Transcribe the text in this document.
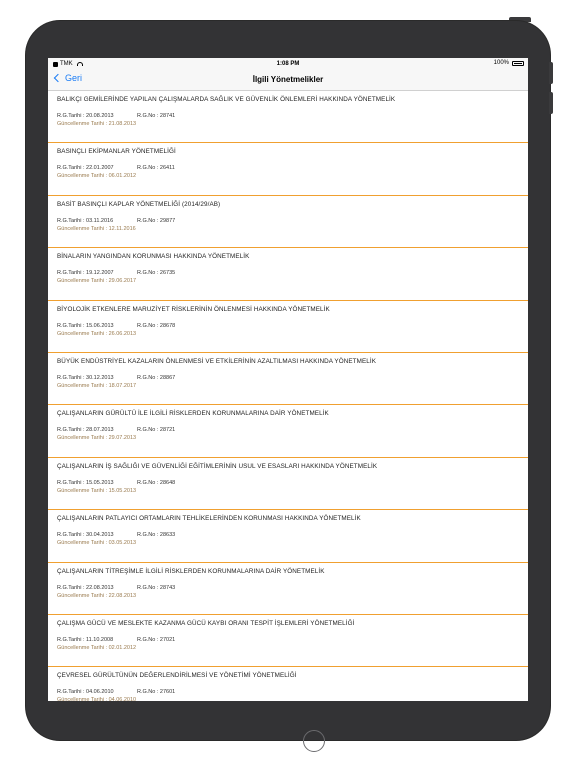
TMK	1:08 PM	100%
Geri	İlgili Yönetmelikler
BALIKÇI GEMİLERİNDE YAPILAN ÇALIŞMALARDA SAĞLIK VE GÜVENLİK ÖNLEMLERİ HAKKINDA YÖNETMELİK
R.G.Tarihi : 20.08.2013	R.G.No : 28741
Güncellenme Tarihi : 21.08.2013
BASINÇLI EKİPMANLAR YÖNETMELİĞİ
R.G.Tarihi : 22.01.2007	R.G.No : 26411
Güncellenme Tarihi : 06.01.2012
BASİT BASINÇLI KAPLAR YÖNETMELİĞİ (2014/29/AB)
R.G.Tarihi : 03.11.2016	R.G.No : 29877
Güncellenme Tarihi : 12.11.2016
BİNALARIN YANGINDAN KORUNMASI HAKKINDA YÖNETMELİK
R.G.Tarihi : 19.12.2007	R.G.No : 26735
Güncellenme Tarihi : 29.06.2017
BİYOLOJİK ETKENLERE MARUZİYET RİSKLERİNİN ÖNLENMESİ HAKKINDA YÖNETMELİK
R.G.Tarihi : 15.06.2013	R.G.No : 28678
Güncellenme Tarihi : 26.06.2013
BÜYÜK ENDÜSTRİYEL KAZALARIN ÖNLENMESİ VE ETKİLERİNİN AZALTILMASI HAKKINDA YÖNETMELİK
R.G.Tarihi : 30.12.2013	R.G.No : 28867
Güncellenme Tarihi : 18.07.2017
ÇALIŞANLARIN GÜRÜLTÜ İLE İLGİLİ RİSKLERDEN KORUNMALARINA DAİR YÖNETMELİK
R.G.Tarihi : 28.07.2013	R.G.No : 28721
Güncellenme Tarihi : 29.07.2013
ÇALIŞANLARIN İŞ SAĞLIĞI VE GÜVENLİĞİ EĞİTİMLERİNİN USUL VE ESASLARI HAKKINDA YÖNETMELİK
R.G.Tarihi : 15.05.2013	R.G.No : 28648
Güncellenme Tarihi : 15.05.2013
ÇALIŞANLARIN PATLAYICI ORTAMLARIN TEHLİKELERİNDEN KORUNMASI HAKKINDA YÖNETMELİK
R.G.Tarihi : 30.04.2013	R.G.No : 28633
Güncellenme Tarihi : 03.05.2013
ÇALIŞANLARIN TİTREŞİMLE İLGİLİ RİSKLERDEN KORUNMALARINA DAİR YÖNETMELİK
R.G.Tarihi : 22.08.2013	R.G.No : 28743
Güncellenme Tarihi : 22.08.2013
ÇALIŞMA GÜCÜ VE MESLEKTE KAZANMA GÜCÜ KAYBI ORANI TESPİT İŞLEMLERİ YÖNETMELİĞİ
R.G.Tarihi : 11.10.2008	R.G.No : 27021
Güncellenme Tarihi : 02.01.2012
ÇEVRESEL GÜRÜLTÜNÜN DEĞERLENDİRİLMESİ VE YÖNETİMİ YÖNETMELİĞİ
R.G.Tarihi : 04.06.2010	R.G.No : 27601
Güncellenme Tarihi : 04.06.2010
